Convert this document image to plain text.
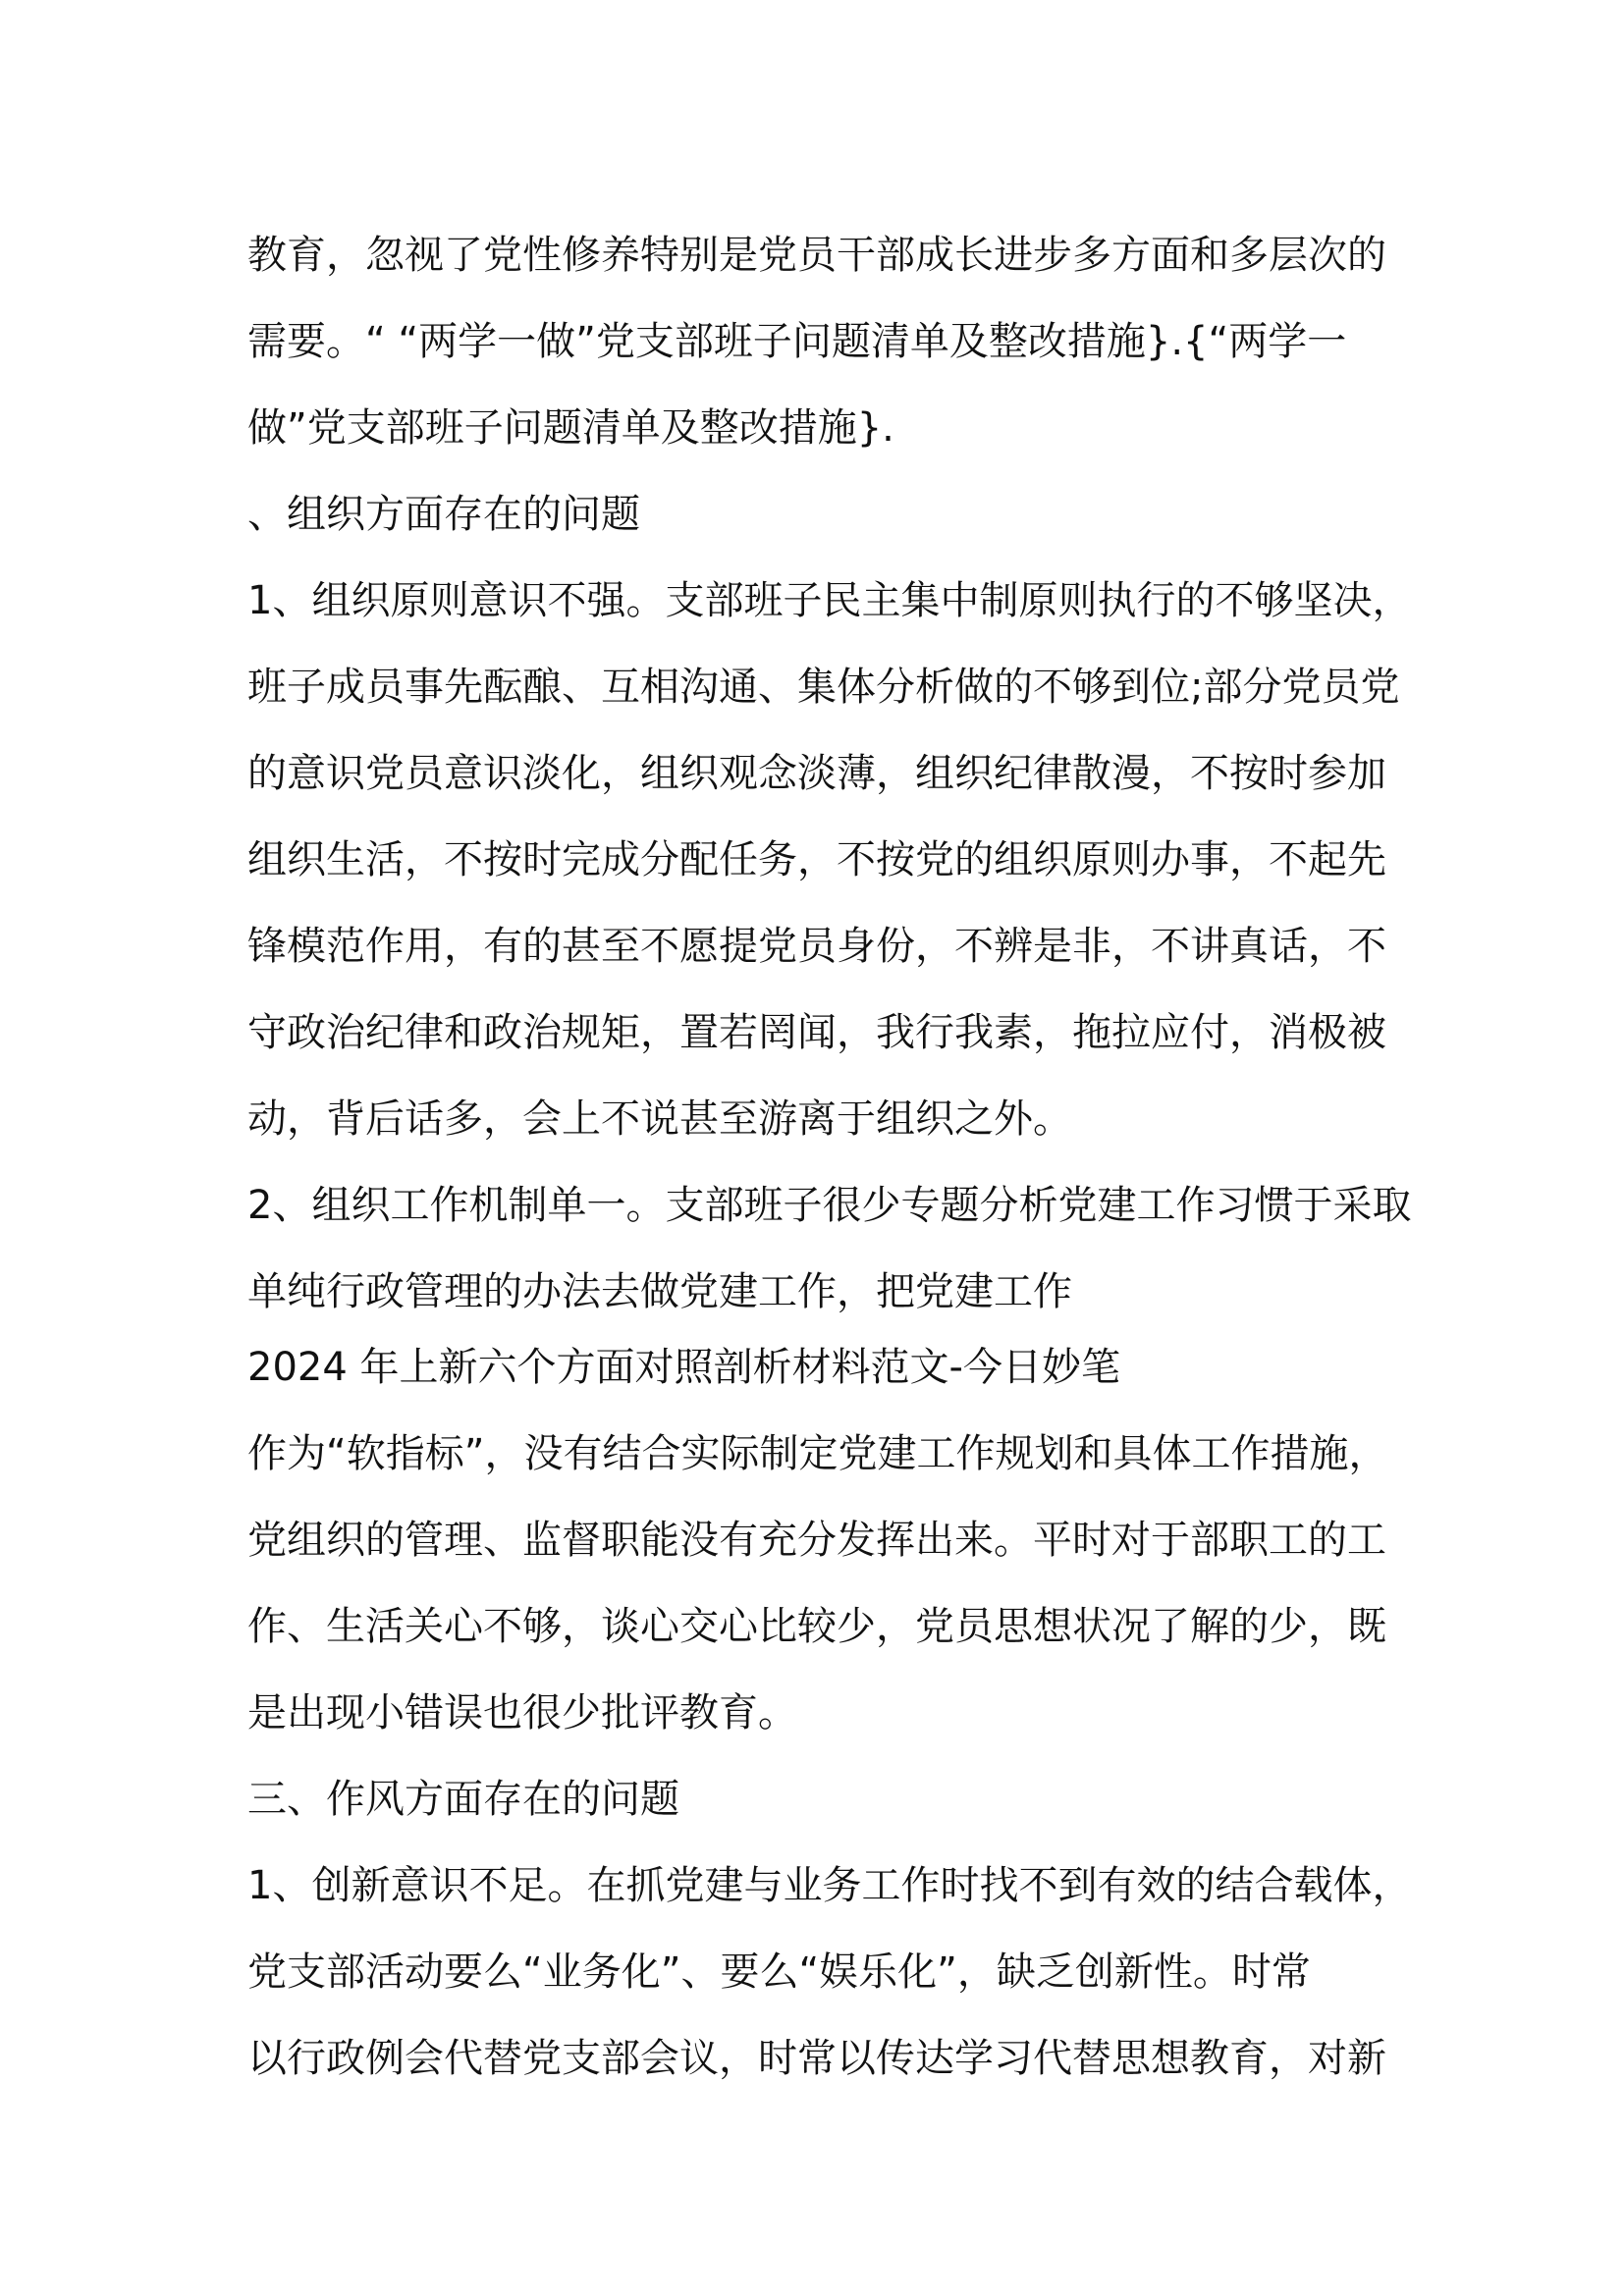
教育，忽视了党性修养特别是党员干部成长进步多方面和多层次的
需要。“ “两学一做”党支部班子问题清单及整改措施}.{“两学一
做”党支部班子问题清单及整改措施}.
、组织方面存在的问题
1、组织原则意识不强。支部班子民主集中制原则执行的不够坚决，
班子成员事先酝酿、互相沟通、集体分析做的不够到位;部分党员党
的意识党员意识淡化，组织观念淡薄，组织纪律散漫，不按时参加
组织生活，不按时完成分配任务，不按党的组织原则办事，不起先
锋模范作用，有的甚至不愿提党员身份，不辨是非，不讲真话，不
守政治纪律和政治规矩，置若罔闻，我行我素，拖拉应付，消极被
动，背后话多，会上不说甚至游离于组织之外。
2、组织工作机制单一。支部班子很少专题分析党建工作习惯于采取
单纯行政管理的办法去做党建工作，把党建工作
2024 年上新六个方面对照剖析材料范文-今日妙笔
作为“软指标”，没有结合实际制定党建工作规划和具体工作措施，
党组织的管理、监督职能没有充分发挥出来。平时对于部职工的工
作、生活关心不够，谈心交心比较少，党员思想状况了解的少，既
是出现小错误也很少批评教育。
三、作风方面存在的问题
1、创新意识不足。在抓党建与业务工作时找不到有效的结合载体，
党支部活动要么“业务化”、要么“娱乐化”，缺乏创新性。时常
以行政例会代替党支部会议，时常以传达学习代替思想教育，对新
